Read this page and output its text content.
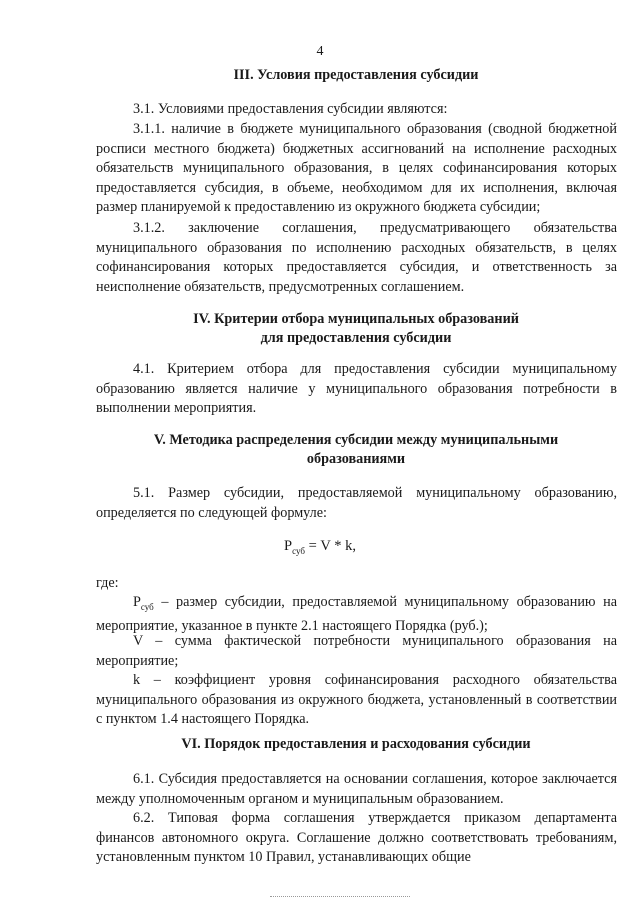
4
III. Условия предоставления субсидии

3.1. Условиями предоставления субсидии являются:

3.1.1. наличие в бюджете муниципального образования (сводной бюджетной росписи местного бюджета) бюджетных ассигнований на исполнение расходных обязательств муниципального образования, в целях софинансирования которых предоставляется субсидия, в объеме, необходимом для их исполнения, включая размер планируемой к предоставлению из окружного бюджета субсидии;

3.1.2. заключение соглашения, предусматривающего обязательства муниципального образования по исполнению расходных обязательств, в целях софинансирования которых предоставляется субсидия, и ответственность за неисполнение обязательств, предусмотренных соглашением.

IV. Критерии отбора муниципальных образований
для предоставления субсидии

4.1. Критерием отбора для предоставления субсидии муниципальному образованию является наличие у муниципального образования потребности в выполнении мероприятия.

V. Методика распределения субсидии между муниципальными
образованиями

5.1. Размер субсидии, предоставляемой муниципальному образованию, определяется по следующей формуле:

$P_{суб} = V * k$,

где:

$P_{суб}$ – размер субсидии, предоставляемой муниципальному образованию на мероприятие, указанное в пункте 2.1 настоящего Порядка (руб.);

V – сумма фактической потребности муниципального образования на мероприятие;

k – коэффициент уровня софинансирования расходного обязательства муниципального образования из окружного бюджета, установленный в соответствии с пунктом 1.4 настоящего Порядка.

VI. Порядок предоставления и расходования субсидии

6.1. Субсидия предоставляется на основании соглашения, которое заключается между уполномоченным органом и муниципальным образованием.

6.2. Типовая форма соглашения утверждается приказом департамента финансов автономного округа. Соглашение должно соответствовать требованиям, установленным пунктом 10 Правил, устанавливающих общие
